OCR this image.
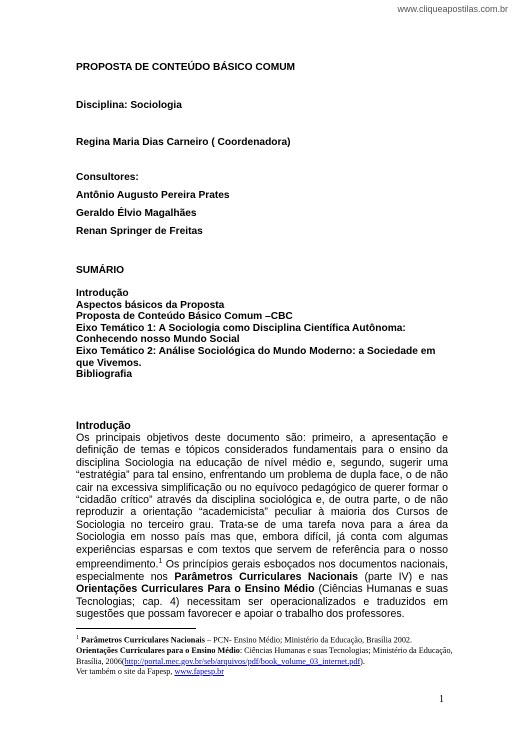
www.cliqueapostilas.com.br
PROPOSTA DE CONTEÚDO BÁSICO COMUM
Disciplina: Sociologia
Regina Maria Dias Carneiro ( Coordenadora)
Consultores:
Antônio Augusto Pereira Prates
Geraldo Élvio Magalhães
Renan Springer de Freitas
SUMÁRIO
Introdução
Aspectos básicos da Proposta
Proposta de Conteúdo Básico Comum –CBC
Eixo Temático 1: A Sociologia como Disciplina Científica Autônoma:
Conhecendo nosso Mundo Social
Eixo Temático 2: Análise Sociológica do Mundo Moderno: a Sociedade em
que Vivemos.
Bibliografia
Introdução
Os principais objetivos deste documento são: primeiro, a apresentação e definição de temas e tópicos considerados fundamentais para o ensino da disciplina Sociologia na educação de nível médio e, segundo, sugerir uma “estratégia” para tal ensino, enfrentando um problema de dupla face, o de não cair na excessiva simplificação ou no equívoco pedagógico de querer formar o “cidadão crítico” através da disciplina sociológica e, de outra parte, o de não reproduzir a orientação “academicista” peculiar à maioria dos Cursos de Sociologia no terceiro grau. Trata-se de uma tarefa nova para a área da Sociologia em nosso país mas que, embora difícil, já conta com algumas experiências esparsas e com textos que servem de referência para o nosso empreendimento.$^1$ Os princípios gerais esboçados nos documentos nacionais, especialmente nos Parâmetros Curriculares Nacionais (parte IV) e nas Orientações Curriculares Para o Ensino Médio (Ciências Humanas e suas Tecnologias; cap. 4) necessitam ser operacionalizados e traduzidos em sugestões que possam favorecer e apoiar o trabalho dos professores.
$^1$ Parâmetros Curriculares Nacionais – PCN- Ensino Médio; Ministério da Educação, Brasília 2002.
Orientações Curriculares para o Ensino Médio: Ciências Humanas e suas Tecnologias; Ministério da Educação, Brasília, 2006(http://portal.mec.gov.br/seb/arquivos/pdf/book_volume_03_internet.pdf).
Ver também o site da Fapesp, www.fapesp.br
1
